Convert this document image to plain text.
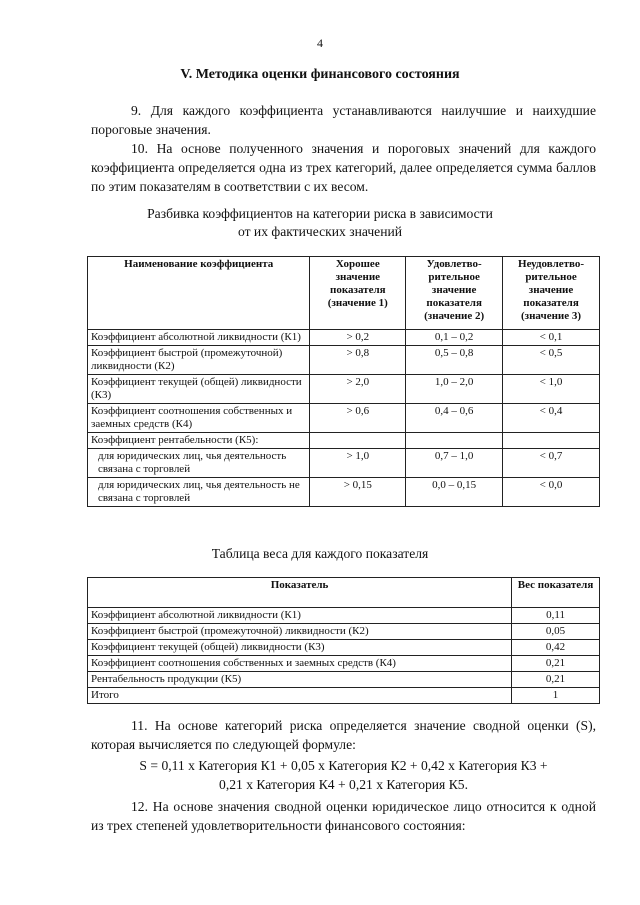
4
V. Методика оценки финансового состояния
9. Для каждого коэффициента устанавливаются наилучшие и наихудшие пороговые значения.
10. На основе полученного значения и пороговых значений для каждого коэффициента определяется одна из трех категорий, далее определяется сумма баллов по этим показателям в соответствии с их весом.
Разбивка коэффициентов на категории риска в зависимости
от их фактических значений
Наименование коэффициента	Хорошее значение показателя (значение 1)	Удовлетво-рительное значение показателя (значение 2)	Неудовлетво-рительное значение показателя (значение 3)
Коэффициент абсолютной ликвидности (К1)	> 0,2	0,1 – 0,2	< 0,1
Коэффициент быстрой (промежуточной) ликвидности (К2)	> 0,8	0,5 – 0,8	< 0,5
Коэффициент текущей (общей) ликвидности (К3)	> 2,0	1,0 – 2,0	< 1,0
Коэффициент соотношения собственных и заемных средств (К4)	> 0,6	0,4 – 0,6	< 0,4
Коэффициент рентабельности (К5):			
для юридических лиц, чья деятельность связана с торговлей	> 1,0	0,7 – 1,0	< 0,7
для юридических лиц, чья деятельность не связана с торговлей	> 0,15	0,0 – 0,15	< 0,0
Таблица веса для каждого показателя
Показатель	Вес показателя
Коэффициент абсолютной ликвидности (К1)	0,11
Коэффициент быстрой (промежуточной) ликвидности (К2)	0,05
Коэффициент текущей (общей) ликвидности (К3)	0,42
Коэффициент соотношения собственных и заемных средств (К4)	0,21
Рентабельность продукции (К5)	0,21
Итого	1
11. На основе категорий риска определяется значение сводной оценки (S), которая вычисляется по следующей формуле:
S = 0,11 x Категория К1 + 0,05 x Категория К2 + 0,42 x Категория К3 +
0,21 x Категория К4 + 0,21 x Категория К5.
12. На основе значения сводной оценки юридическое лицо относится к одной из трех степеней удовлетворительности финансового состояния:
